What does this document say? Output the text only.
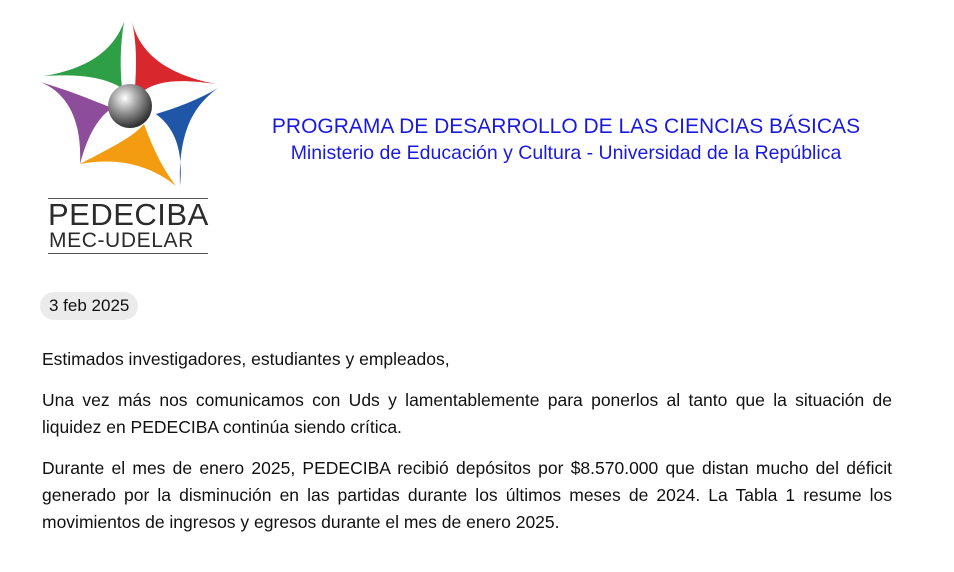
PEDECIBA
MEC-UDELAR
PROGRAMA DE DESARROLLO DE LAS CIENCIAS BÁSICAS
Ministerio de Educación y Cultura - Universidad de la República
3 feb 2025

Estimados investigadores, estudiantes y empleados,

Una vez más nos comunicamos con Uds y lamentablemente para ponerlos al tanto que la situación de liquidez en PEDECIBA continúa siendo crítica.

Durante el mes de enero 2025, PEDECIBA recibió depósitos por $8.570.000 que distan mucho del déficit generado por la disminución en las partidas durante los últimos meses de 2024. La Tabla 1 resume los movimientos de ingresos y egresos durante el mes de enero 2025.
